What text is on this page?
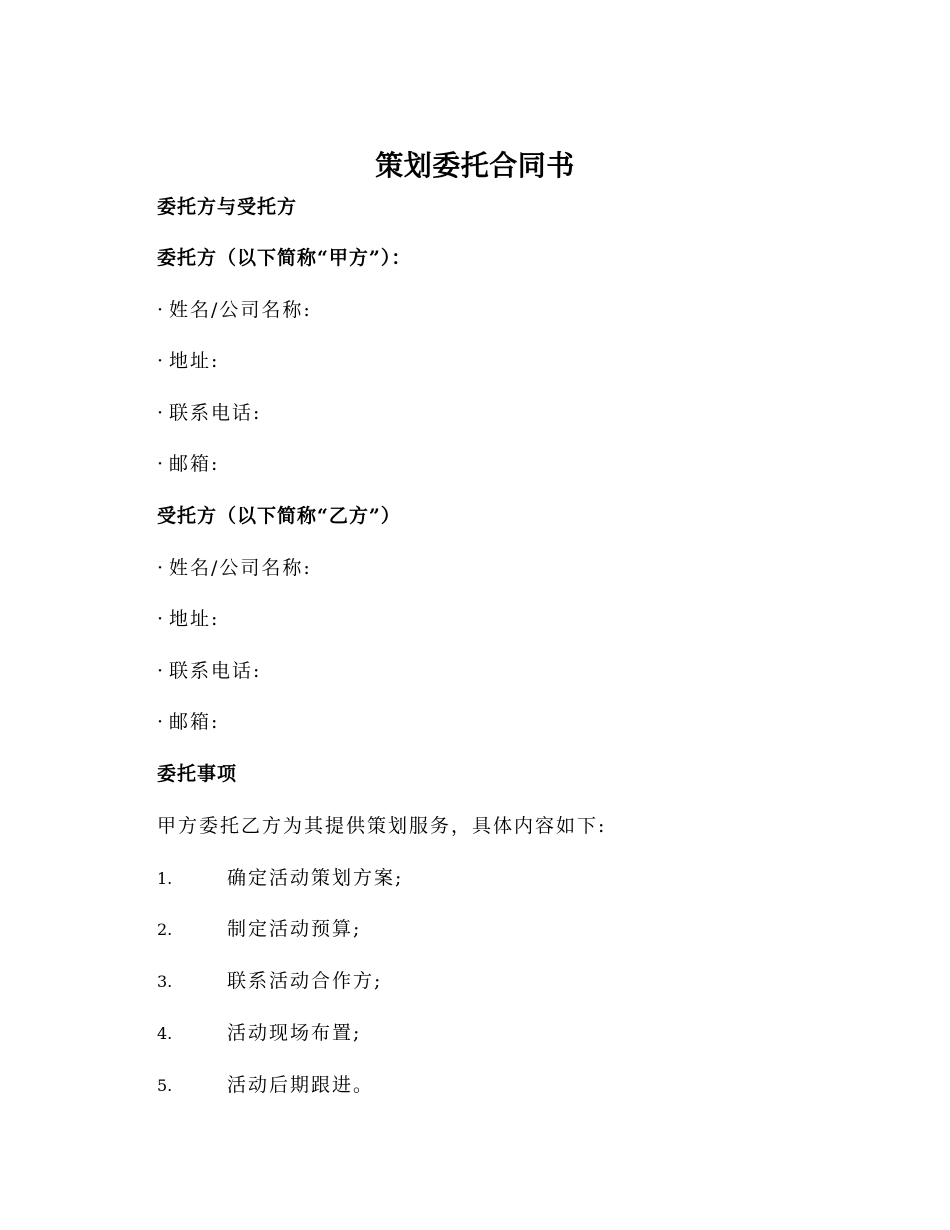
策划委托合同书
委托方与受托方
委托方（以下简称“甲方”）：
· 姓名/公司名称:
· 地址:
· 联系电话:
· 邮箱:
受托方（以下简称“乙方”）
· 姓名/公司名称:
· 地址:
· 联系电话:
· 邮箱:
委托事项
甲方委托乙方为其提供策划服务，具体内容如下:
1.	确定活动策划方案;
2.	制定活动预算;
3.	联系活动合作方;
4.	活动现场布置;
5.	活动后期跟进。
